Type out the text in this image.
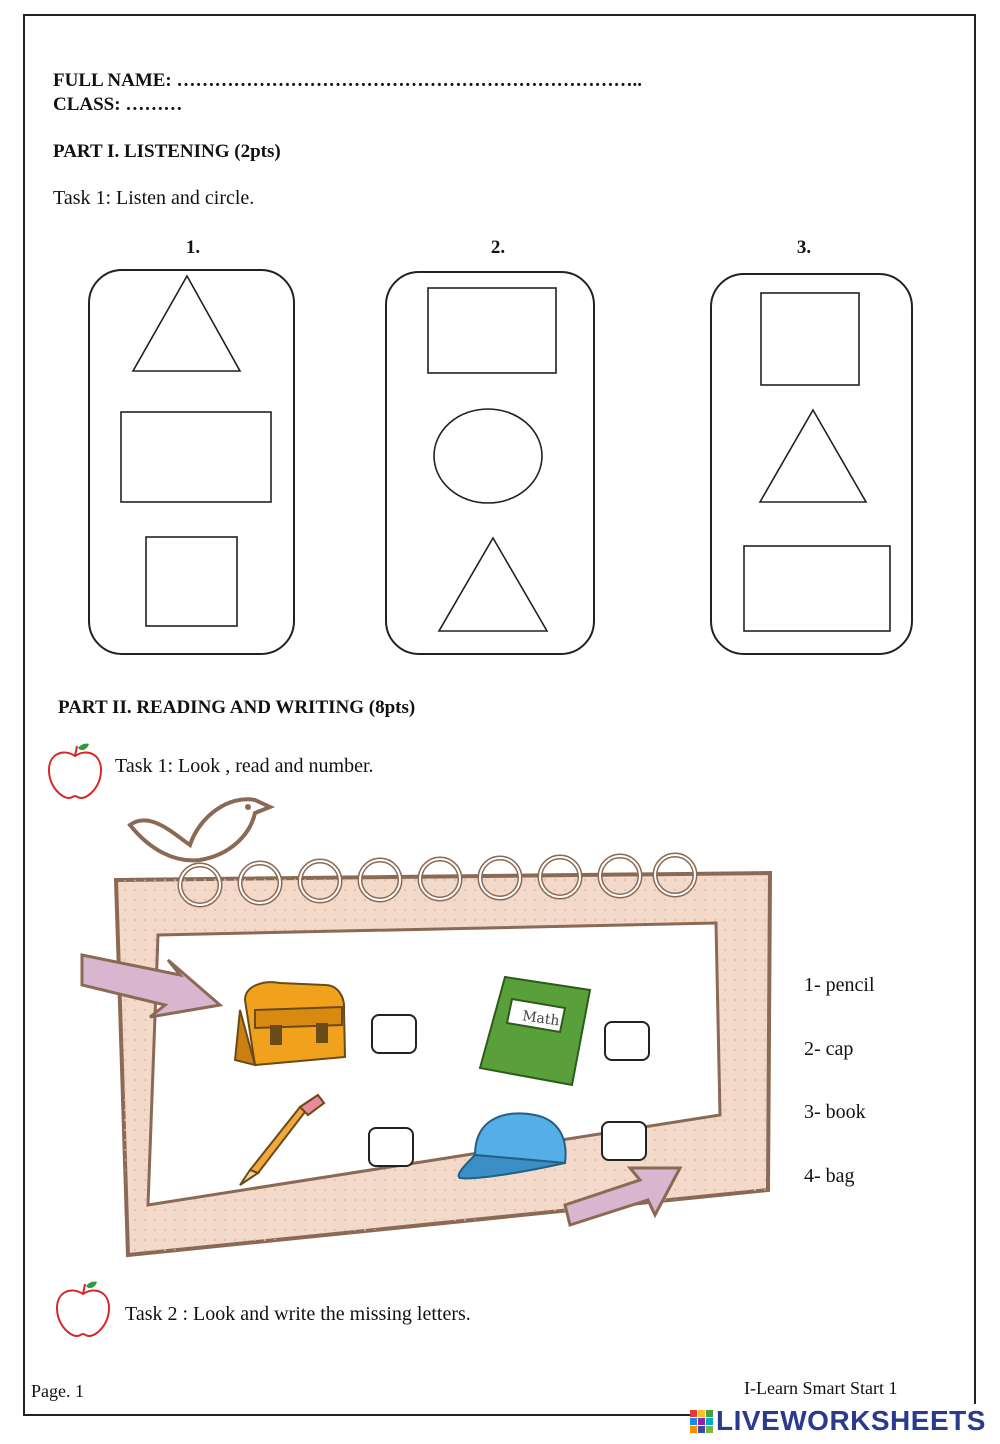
FULL NAME: ………………………………………………………………..
CLASS: ………
PART I. LISTENING (2pts)
Task 1: Listen and circle.
1.	2.	3.
PART II. READING AND WRITING (8pts)
Task 1: Look , read and number.
Math
1- pencil
2- cap
3- book
4- bag
Task 2 : Look and write the missing letters.
Page. 1	I-Learn Smart Start 1
LIVEWORKSHEETS
